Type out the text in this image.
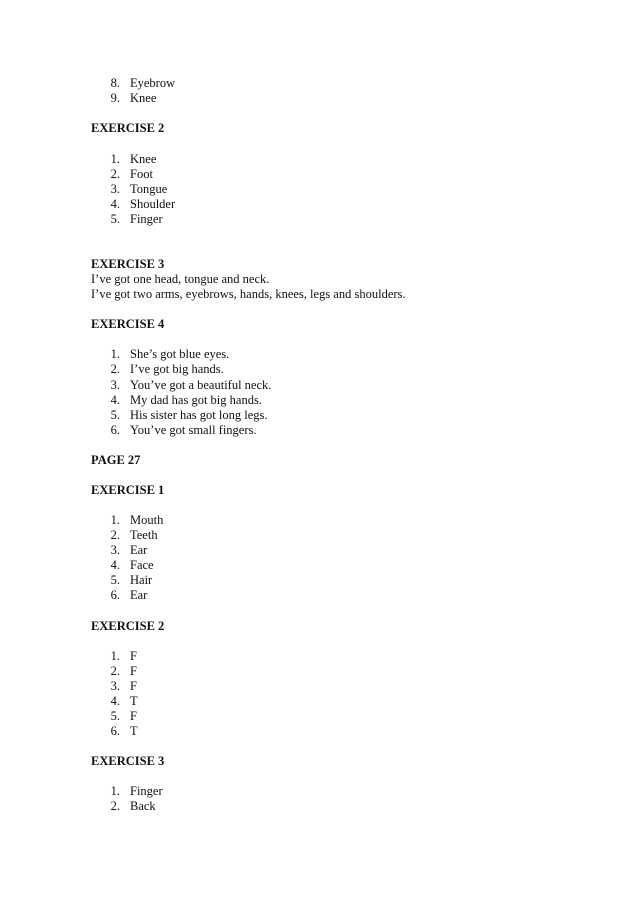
8. Eyebrow
9. Knee
EXERCISE 2
1. Knee
2. Foot
3. Tongue
4. Shoulder
5. Finger
EXERCISE 3
I’ve got one head, tongue and neck.
I’ve got two arms, eyebrows, hands, knees, legs and shoulders.
EXERCISE 4
1. She’s got blue eyes.
2. I’ve got big hands.
3. You’ve got a beautiful neck.
4. My dad has got big hands.
5. His sister has got long legs.
6. You’ve got small fingers.
PAGE 27
EXERCISE 1
1. Mouth
2. Teeth
3. Ear
4. Face
5. Hair
6. Ear
EXERCISE 2
1. F
2. F
3. F
4. T
5. F
6. T
EXERCISE 3
1. Finger
2. Back
